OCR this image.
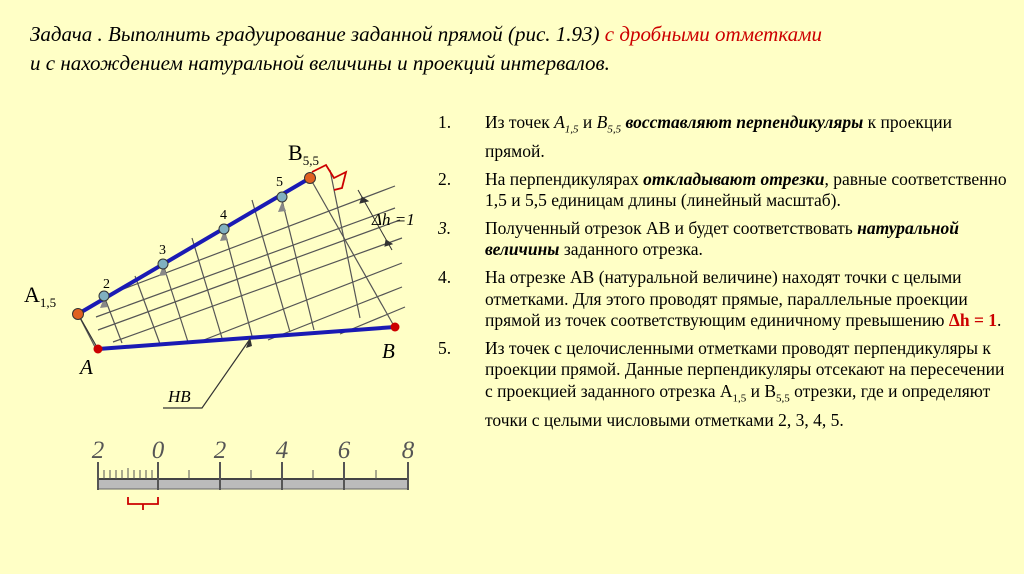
Задача . Выполнить градуирование заданной прямой (рис. 1.93) с дробными отметками
и с нахождением натуральной величины и проекций интервалов.
2
3
4
5
$A_{1,5}$
$B_{5,5}$
A
B
Δh =1
НВ
2 0 2 4 6 8
1. Из точек $A_{1,5}$ и $B_{5,5}$ восставляют перпендикуляры к проекции прямой.
2. На перпендикулярах откладывают отрезки, равные соответственно 1,5 и 5,5 единицам длины (линейный масштаб).
3. Полученный отрезок АВ и будет соответствовать натуральной величины заданного отрезка.
4. На отрезке АВ (натуральной величине) находят точки с целыми отметками. Для этого проводят прямые, параллельные проекции прямой из точек соответствующим единичному превышению Δh = 1.
5. Из точек с целочисленными отметками проводят перпендикуляры к проекции прямой. Данные перпендикуляры отсекают на пересечении с проекцией заданного отрезка $А_{1,5}$ и $В_{5,5}$ отрезки, где и определяют точки с целыми числовыми отметками 2, 3, 4, 5.
